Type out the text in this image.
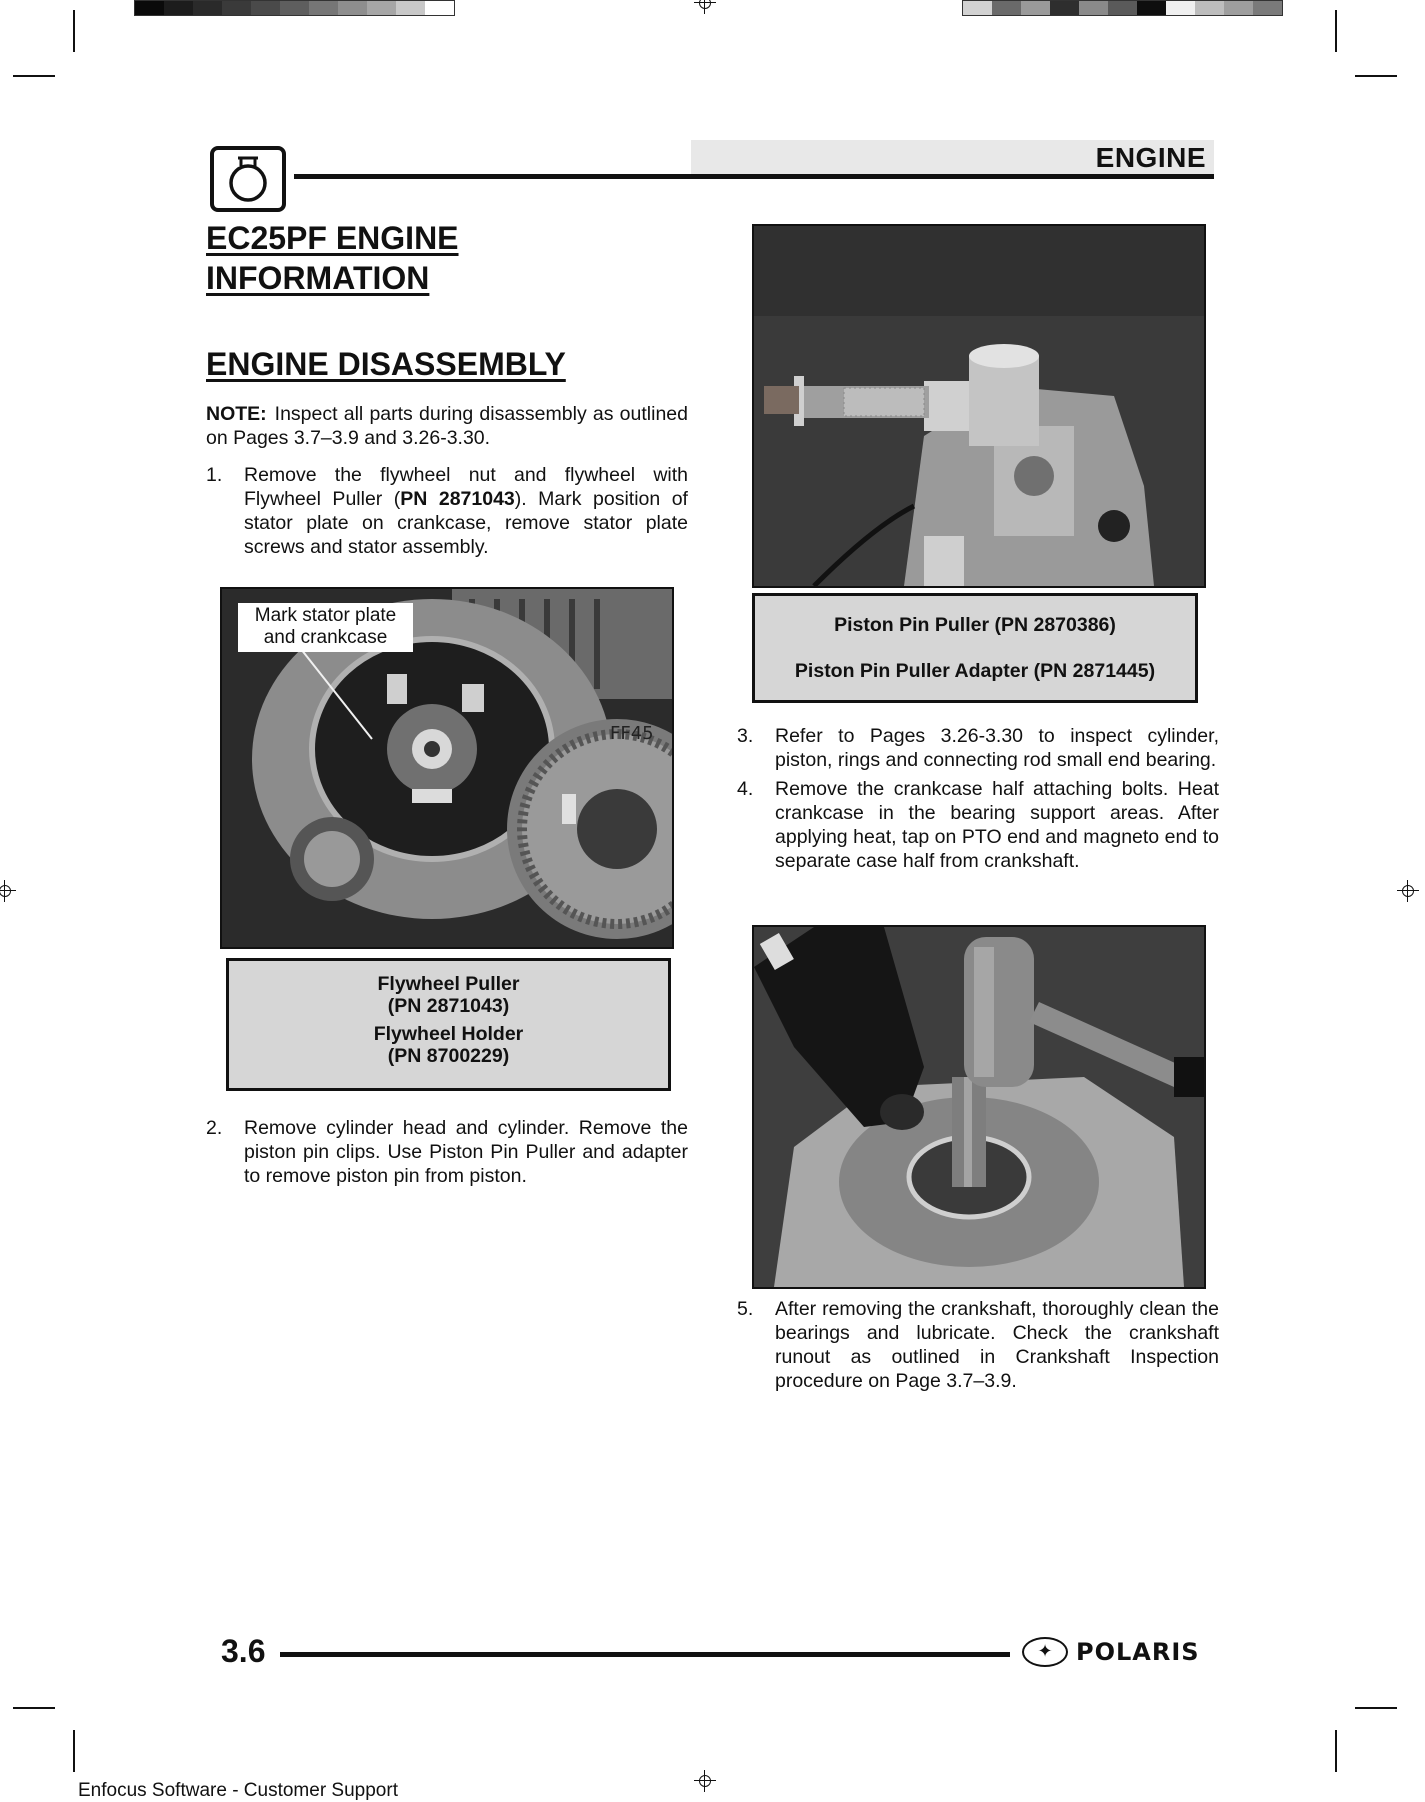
ENGINE
EC25PF ENGINE
INFORMATION
ENGINE DISASSEMBLY
NOTE: Inspect all parts during disassembly as outlined on Pages 3.7–3.9 and 3.26-3.30.
1.	Remove the flywheel nut and flywheel with Flywheel Puller (PN 2871043). Mark position of stator plate on crankcase, remove stator plate screws and stator assembly.
FF45
Mark stator plate
and crankcase
Flywheel Puller
(PN 2871043)
Flywheel Holder
(PN 8700229)
2.	Remove cylinder head and cylinder. Remove the piston pin clips. Use Piston Pin Puller and adapter to remove piston pin from piston.
Piston Pin Puller (PN 2870386)
Piston Pin Puller Adapter (PN 2871445)
3.	Refer to Pages 3.26-3.30 to inspect cylinder, piston, rings and connecting rod small end bearing.
4.	Remove the crankcase half attaching bolts. Heat crankcase in the bearing support areas. After applying heat, tap on PTO end and magneto end to separate case half from crankshaft.
5.	After removing the crankshaft, thoroughly clean the bearings and lubricate. Check the crankshaft runout as outlined in Crankshaft Inspection procedure on Page 3.7–3.9.
3.6
✦	POLARIS
Enfocus Software - Customer Support
